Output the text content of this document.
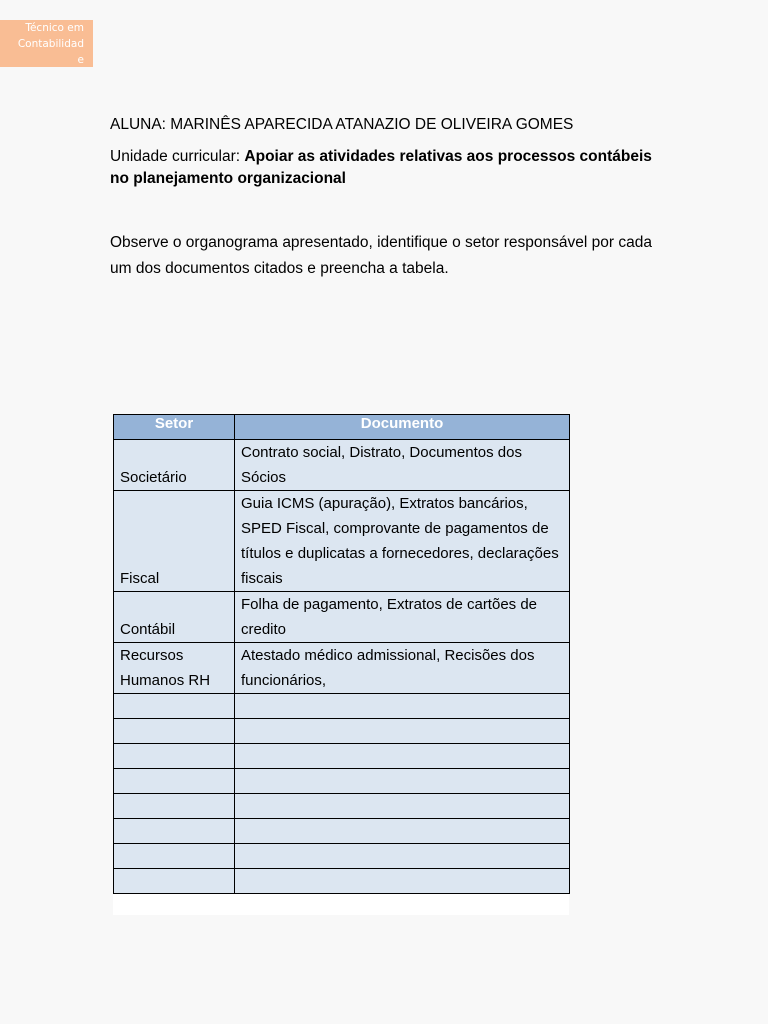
Técnico em
Contabilidad
e
ALUNA: MARINÊS APARECIDA ATANAZIO DE OLIVEIRA GOMES
Unidade curricular: Apoiar as atividades relativas aos processos contábeis no planejamento organizacional
Observe o organograma apresentado, identifique o setor responsável por cada um dos documentos citados e preencha a tabela.
Setor	Documento
Societário	Contrato social, Distrato, Documentos dos Sócios
Fiscal	Guia ICMS (apuração), Extratos bancários, SPED Fiscal, comprovante de pagamentos de títulos e duplicatas a fornecedores, declarações fiscais
Contábil	Folha de pagamento, Extratos de cartões de credito
Recursos Humanos RH	Atestado médico admissional, Recisões dos funcionários,
